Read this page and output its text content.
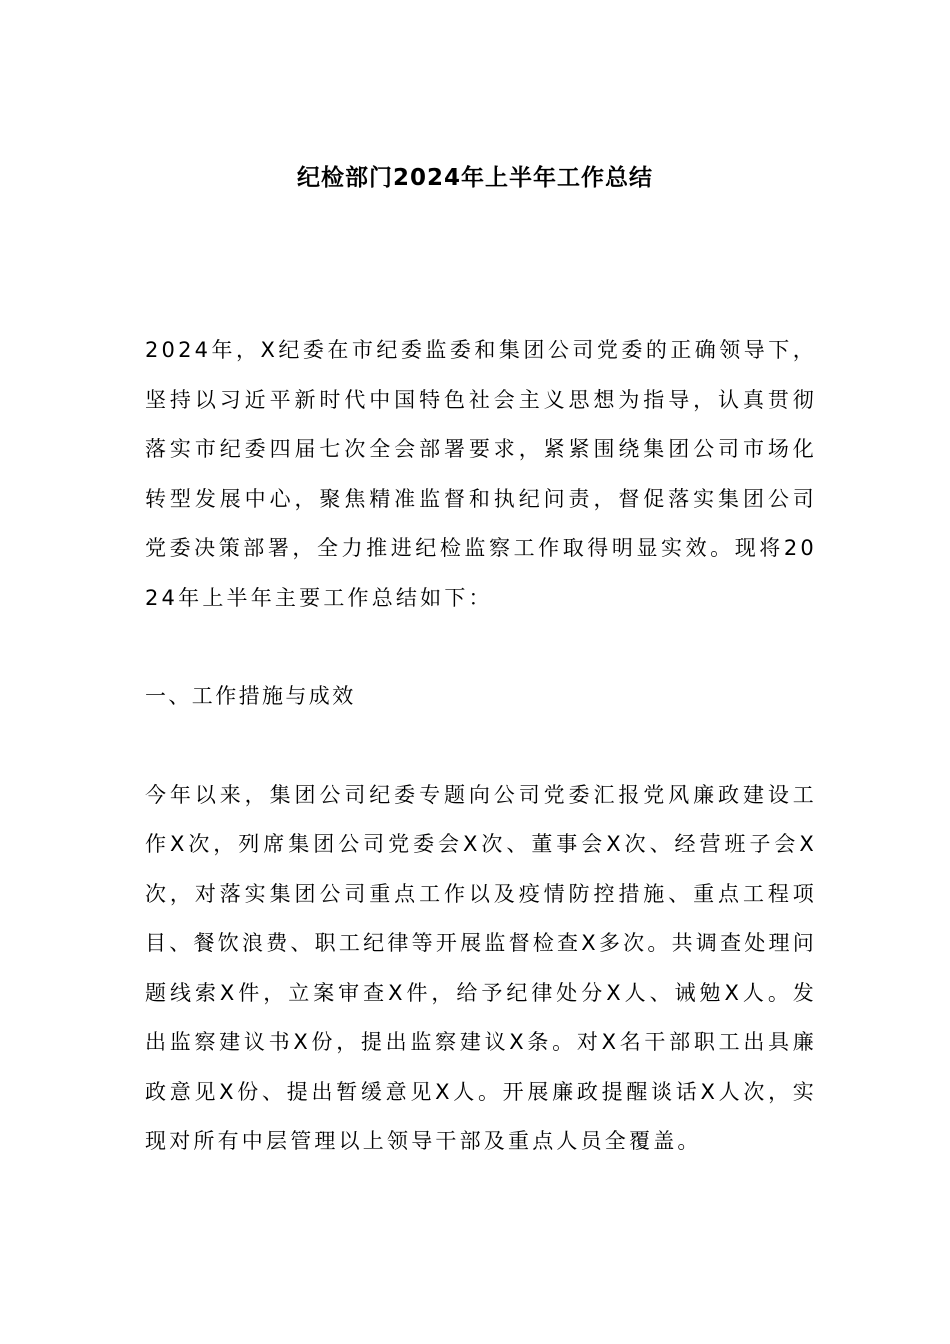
纪检部门2024年上半年工作总结

2024年，X纪委在市纪委监委和集团公司党委的正确领导下，坚持以习近平新时代中国特色社会主义思想为指导，认真贯彻落实市纪委四届七次全会部署要求，紧紧围绕集团公司市场化转型发展中心，聚焦精准监督和执纪问责，督促落实集团公司党委决策部署，全力推进纪检监察工作取得明显实效。现将2024年上半年主要工作总结如下：

一、工作措施与成效

今年以来，集团公司纪委专题向公司党委汇报党风廉政建设工作X次，列席集团公司党委会X次、董事会X次、经营班子会X次，对落实集团公司重点工作以及疫情防控措施、重点工程项目、餐饮浪费、职工纪律等开展监督检查X多次。共调查处理问题线索X件，立案审查X件，给予纪律处分X人、诫勉X人。发出监察建议书X份，提出监察建议X条。对X名干部职工出具廉政意见X份、提出暂缓意见X人。开展廉政提醒谈话X人次，实现对所有中层管理以上领导干部及重点人员全覆盖。
